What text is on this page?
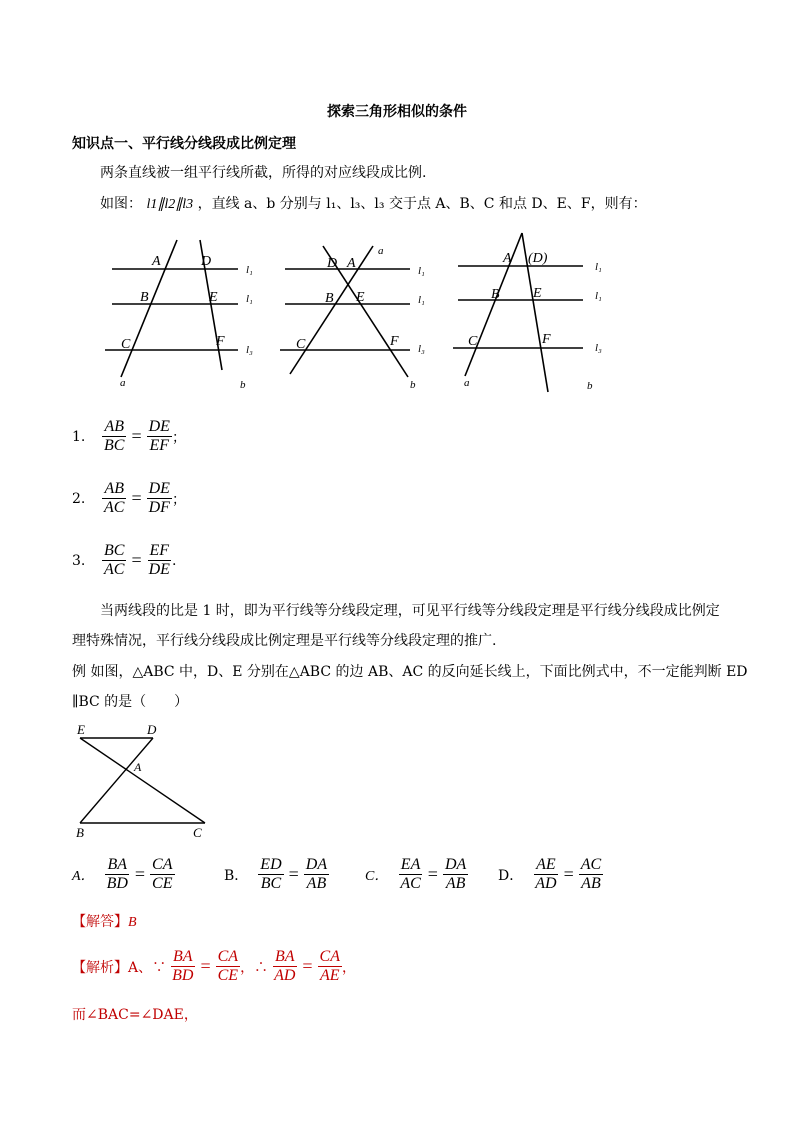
探索三角形相似的条件
知识点一、平行线分线段成比例定理
两条直线被一组平行线所截，所得的对应线段成比例.
如图： l1∥l2∥l3 ，直线 a、b 分别与 l₁、l₃、l₃ 交于点 A、B、C 和点 D、E、F，则有：
A	D
B	E
C	F
l₁
l₁
l₃
a	b
D A
a
B E
C	F
l₁
l₁
l₃
b
A (D)
B E
C	F
l₁
l₁
l₃
a	b
1.	$\frac{AB}{BC} = \frac{DE}{EF}$ ；
2.	$\frac{AB}{AC} = \frac{DE}{DF}$ ；
3.	$\frac{BC}{AC} = \frac{EF}{DE}$ .
当两线段的比是 1 时，即为平行线等分线段定理，可见平行线等分线段定理是平行线分线段成比例定
理特殊情况，平行线分线段成比例定理是平行线等分线段定理的推广.
例 如图，△ABC 中，D、E 分别在△ABC 的边 AB、AC 的反向延长线上，下面比例式中，不一定能判断 ED
∥BC 的是（　　）
E	D
A
B	C
A． $\frac{BA}{BD} = \frac{CA}{CE}$	B． $\frac{ED}{BC} = \frac{DA}{AB}$	C． $\frac{EA}{AC} = \frac{DA}{AB}$ D． $\frac{AE}{AD} = \frac{AC}{AB}$
【解答】B
【解析】 A、∵ $\frac{BA}{BD} = \frac{CA}{CE}$ ，∴ $\frac{BA}{AD} = \frac{CA}{AE}$ ，
而∠BAC=∠DAE，
